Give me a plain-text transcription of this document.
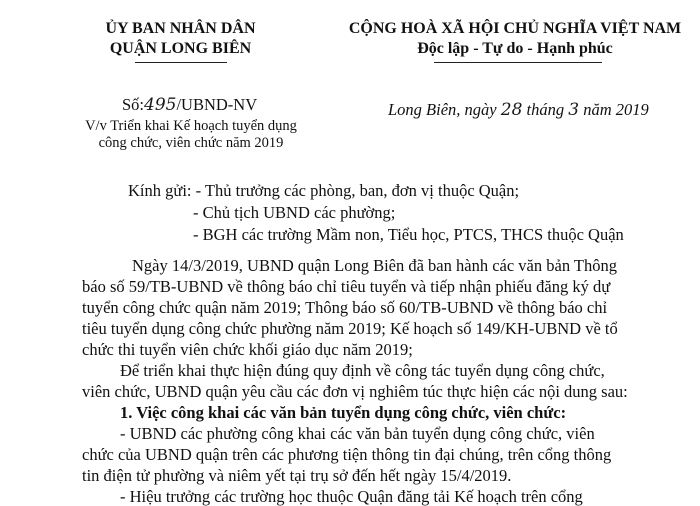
ỦY BAN NHÂN DÂN
QUẬN LONG BIÊN
Số:495/UBND-NV
V/v Triển khai Kế hoạch tuyển dụng
công chức, viên chức năm 2019
CỘNG HOÀ XÃ HỘI CHỦ NGHĨA VIỆT NAM
Độc lập - Tự do - Hạnh phúc
Long Biên, ngày 28 tháng 3 năm 2019
Kính gửi: - Thủ trưởng các phòng, ban, đơn vị thuộc Quận;
- Chủ tịch UBND các phường;
- BGH các trường Mầm non, Tiểu học, PTCS, THCS thuộc Quận
Ngày 14/3/2019, UBND quận Long Biên đã ban hành các văn bản Thông
báo số 59/TB-UBND về thông báo chỉ tiêu tuyển và tiếp nhận phiếu đăng ký dự
tuyển công chức quận năm 2019; Thông báo số 60/TB-UBND về thông báo chỉ
tiêu tuyển dụng công chức phường năm 2019; Kế hoạch số 149/KH-UBND về tổ
chức thi tuyển viên chức khối giáo dục năm 2019;
Để triển khai thực hiện đúng quy định về công tác tuyển dụng công chức,
viên chức, UBND quận yêu cầu các đơn vị nghiêm túc thực hiện các nội dung sau:
1. Việc công khai các văn bản tuyển dụng công chức, viên chức:
- UBND các phường công khai các văn bản tuyển dụng công chức, viên
chức của UBND quận trên các phương tiện thông tin đại chúng, trên cổng thông
tin điện tử phường và niêm yết tại trụ sở đến hết ngày 15/4/2019.
- Hiệu trưởng các trường học thuộc Quận đăng tải Kế hoạch trên cổng
